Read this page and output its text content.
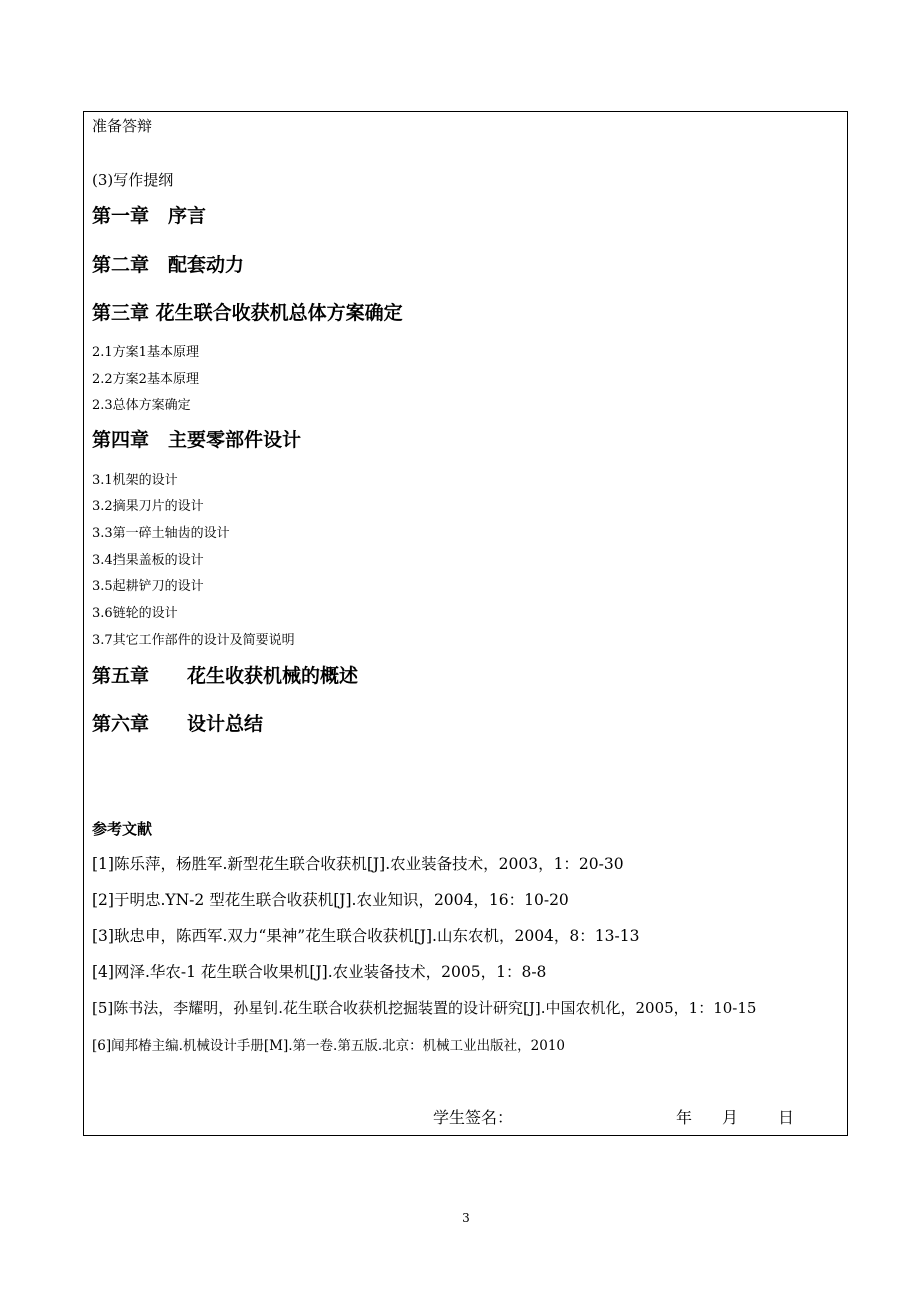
准备答辩
(3)写作提纲
第一章　序言
第二章　配套动力
第三章 花生联合收获机总体方案确定
2.1方案1基本原理
2.2方案2基本原理
2.3总体方案确定
第四章　主要零部件设计
3.1机架的设计
3.2摘果刀片的设计
3.3第一碎土轴齿的设计
3.4挡果盖板的设计
3.5起耕铲刀的设计
3.6链轮的设计
3.7其它工作部件的设计及简要说明
第五章　　花生收获机械的概述
第六章　　设计总结
参考文献
[1]陈乐萍，杨胜军.新型花生联合收获机[J].农业装备技术，2003，1：20-30
[2]于明忠.YN-2 型花生联合收获机[J].农业知识，2004，16：10-20
[3]耿忠申，陈西军.双力“果神”花生联合收获机[J].山东农机，2004，8：13-13
[4]网泽.华农-1 花生联合收果机[J].农业装备技术，2005，1：8-8
[5]陈书法，李耀明，孙星钊.花生联合收获机挖掘装置的设计研究[J].中国农机化，2005，1：10-15
[6]闻邦椿主编.机械设计手册[M].第一卷.第五版.北京：机械工业出版社，2010
学生签名：	年 月 日
3
